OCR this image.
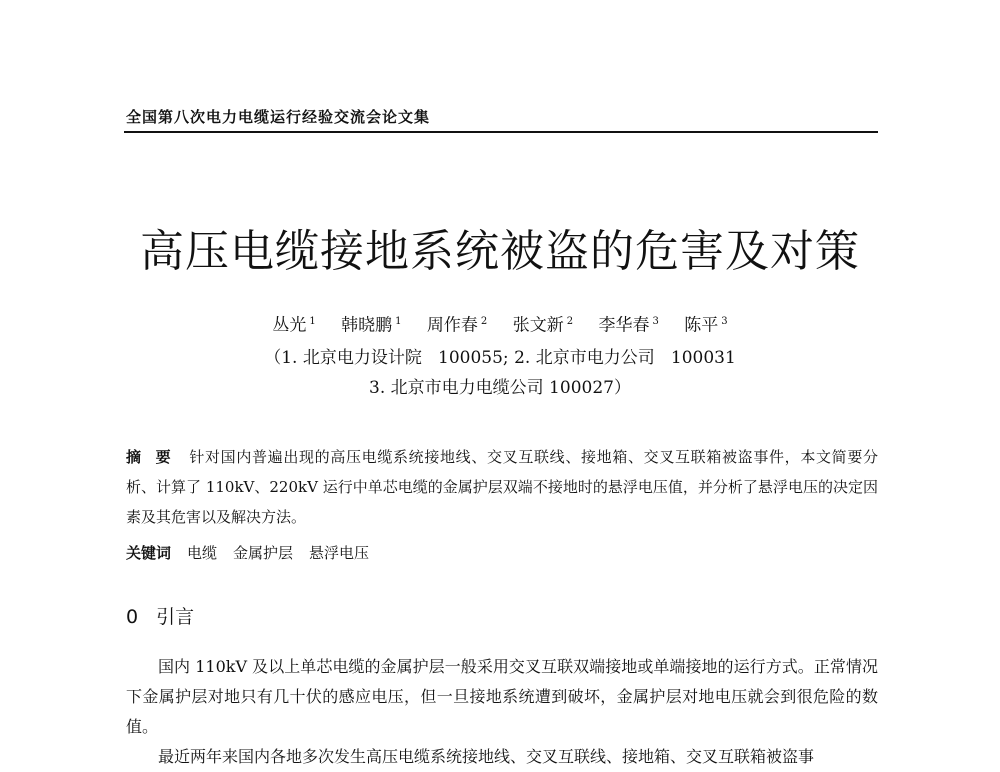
全国第八次电力电缆运行经验交流会论文集
高压电缆接地系统被盗的危害及对策
丛光 $^1$ 韩晓鹏 $^1$ 周作春 $^2$ 张文新 $^2$ 李华春 $^3$ 陈平 $^3$
（1. 北京电力设计院   100055; 2. 北京市电力公司   100031
3. 北京市电力电缆公司 100027）
摘要 针对国内普遍出现的高压电缆系统接地线、交叉互联线、接地箱、交叉互联箱被盗事件，本文简要分析、计算了 110kV、220kV 运行中单芯电缆的金属护层双端不接地时的悬浮电压值，并分析了悬浮电压的决定因素及其危害以及解决方法。
关键词 电缆 金属护层 悬浮电压
0 引言

国内 110kV 及以上单芯电缆的金属护层一般采用交叉互联双端接地或单端接地的运行方式。正常情况下金属护层对地只有几十伏的感应电压，但一旦接地系统遭到破坏，金属护层对地电压就会到很危险的数值。

最近两年来国内各地多次发生高压电缆系统接地线、交叉互联线、接地箱、交叉互联箱被盗事
